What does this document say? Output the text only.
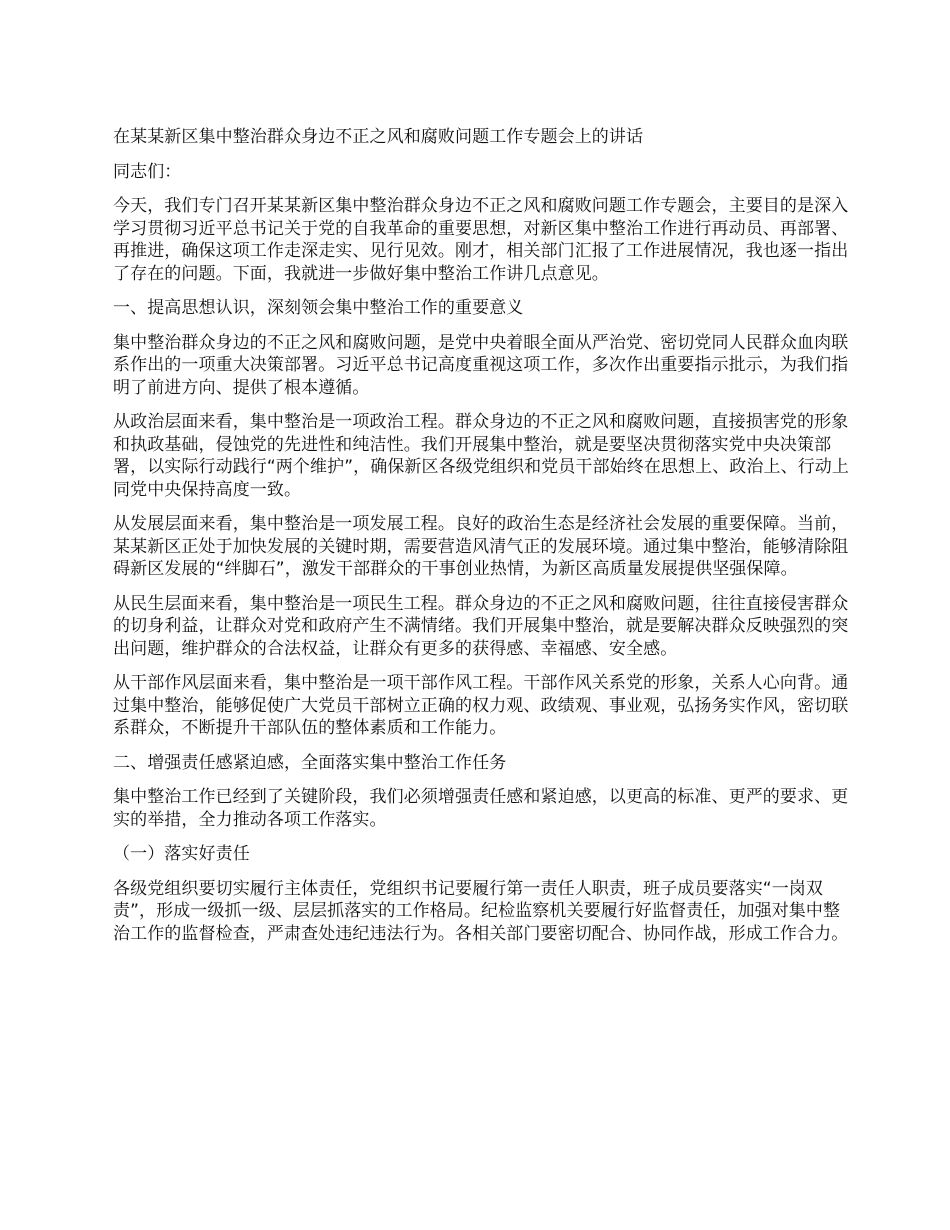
在某某新区集中整治群众身边不正之风和腐败问题工作专题会上的讲话

同志们：

今天，我们专门召开某某新区集中整治群众身边不正之风和腐败问题工作专题会，主要目的是深入学习贯彻习近平总书记关于党的自我革命的重要思想，对新区集中整治工作进行再动员、再部署、再推进，确保这项工作走深走实、见行见效。刚才，相关部门汇报了工作进展情况，我也逐一指出了存在的问题。下面，我就进一步做好集中整治工作讲几点意见。

一、提高思想认识，深刻领会集中整治工作的重要意义

集中整治群众身边的不正之风和腐败问题，是党中央着眼全面从严治党、密切党同人民群众血肉联系作出的一项重大决策部署。习近平总书记高度重视这项工作，多次作出重要指示批示，为我们指明了前进方向、提供了根本遵循。

从政治层面来看，集中整治是一项政治工程。群众身边的不正之风和腐败问题，直接损害党的形象和执政基础，侵蚀党的先进性和纯洁性。我们开展集中整治，就是要坚决贯彻落实党中央决策部署，以实际行动践行“两个维护”，确保新区各级党组织和党员干部始终在思想上、政治上、行动上同党中央保持高度一致。

从发展层面来看，集中整治是一项发展工程。良好的政治生态是经济社会发展的重要保障。当前，某某新区正处于加快发展的关键时期，需要营造风清气正的发展环境。通过集中整治，能够清除阻碍新区发展的“绊脚石”，激发干部群众的干事创业热情，为新区高质量发展提供坚强保障。

从民生层面来看，集中整治是一项民生工程。群众身边的不正之风和腐败问题，往往直接侵害群众的切身利益，让群众对党和政府产生不满情绪。我们开展集中整治，就是要解决群众反映强烈的突出问题，维护群众的合法权益，让群众有更多的获得感、幸福感、安全感。

从干部作风层面来看，集中整治是一项干部作风工程。干部作风关系党的形象，关系人心向背。通过集中整治，能够促使广大党员干部树立正确的权力观、政绩观、事业观，弘扬务实作风，密切联系群众，不断提升干部队伍的整体素质和工作能力。

二、增强责任感紧迫感，全面落实集中整治工作任务

集中整治工作已经到了关键阶段，我们必须增强责任感和紧迫感，以更高的标准、更严的要求、更实的举措，全力推动各项工作落实。

（一）落实好责任

各级党组织要切实履行主体责任，党组织书记要履行第一责任人职责，班子成员要落实“一岗双责”，形成一级抓一级、层层抓落实的工作格局。纪检监察机关要履行好监督责任，加强对集中整治工作的监督检查，严肃查处违纪违法行为。各相关部门要密切配合、协同作战，形成工作合力。
